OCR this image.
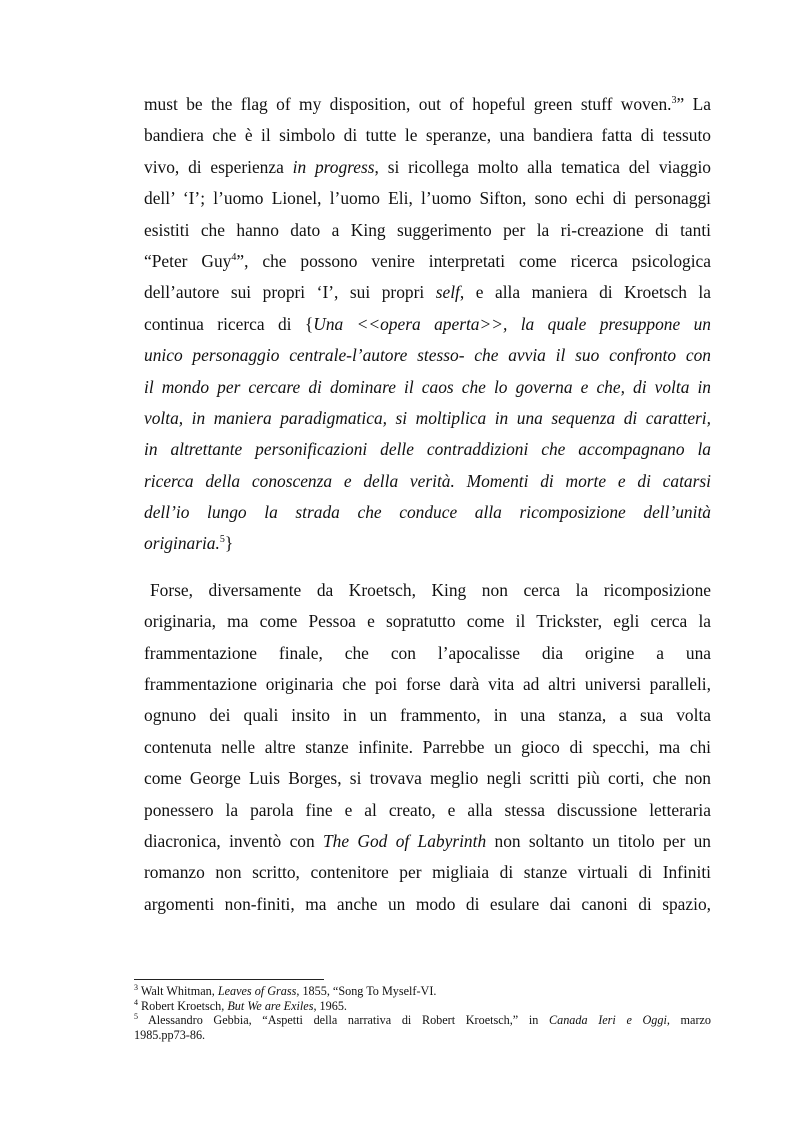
must be the flag of my disposition, out of hopeful green stuff woven.$^3$” La
bandiera che è il simbolo di tutte le speranze, una bandiera fatta di tessuto
vivo, di esperienza in progress, si ricollega molto alla tematica del viaggio
dell’ ‘I’; l’uomo Lionel, l’uomo Eli, l’uomo Sifton, sono echi di personaggi
esistiti che hanno dato a King suggerimento per la ri-creazione di tanti
“Peter Guy$^4$”, che possono venire interpretati come ricerca psicologica
dell’autore sui propri ‘I’, sui propri self, e alla maniera di Kroetsch la
continua ricerca di {Una <<opera aperta>>, la quale presuppone un
unico personaggio centrale-l’autore stesso- che avvia il suo confronto con
il mondo per cercare di dominare il caos che lo governa e che, di volta in
volta, in maniera paradigmatica, si moltiplica in una sequenza di caratteri,
in altrettante personificazioni delle contraddizioni che accompagnano la
ricerca della conoscenza e della verità. Momenti di morte e di catarsi
dell’io lungo la strada che conduce alla ricomposizione dell’unità
originaria.$^5$}
Forse, diversamente da Kroetsch, King non cerca la ricomposizione
originaria, ma come Pessoa e sopratutto come il Trickster, egli cerca la
frammentazione finale, che con l’apocalisse dia origine a una
frammentazione originaria che poi forse darà vita ad altri universi paralleli,
ognuno dei quali insito in un frammento, in una stanza, a sua volta
contenuta nelle altre stanze infinite. Parrebbe un gioco di specchi, ma chi
come George Luis Borges, si trovava meglio negli scritti più corti, che non
ponessero la parola fine e al creato, e alla stessa discussione letteraria
diacronica, inventò con The God of Labyrinth non soltanto un titolo per un
romanzo non scritto, contenitore per migliaia di stanze virtuali di Infiniti
argomenti non-finiti, ma anche un modo di esulare dai canoni di spazio,
$^3$ Walt Whitman, Leaves of Grass, 1855, “Song To Myself-VI.
$^4$ Robert Kroetsch, But We are Exiles, 1965.
$^5$ Alessandro Gebbia, “Aspetti della narrativa di Robert Kroetsch,” in Canada Ieri e Oggi, marzo
1985.pp73-86.
